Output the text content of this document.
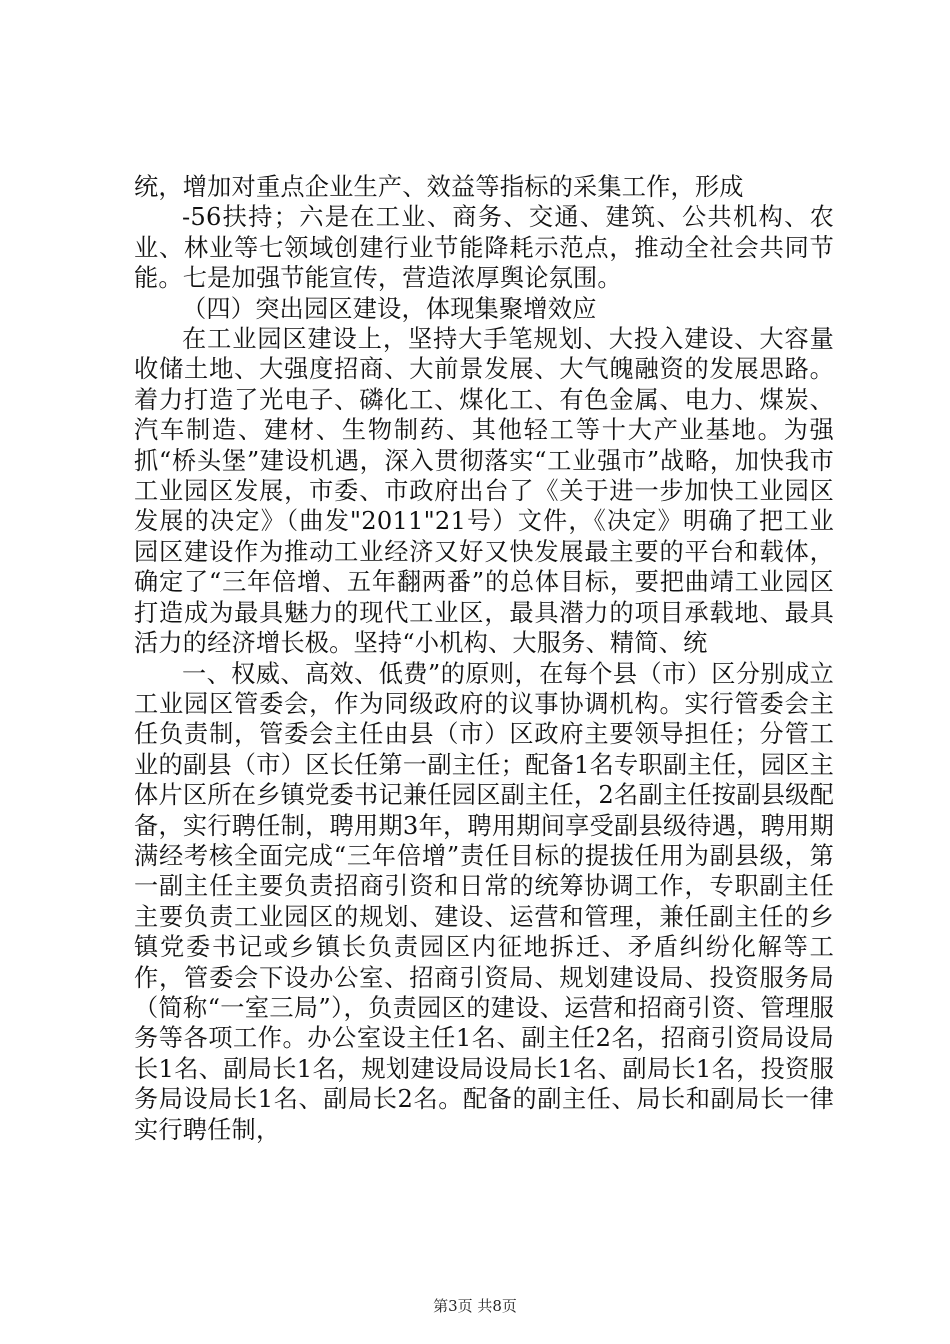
统，增加对重点企业生产、效益等指标的采集工作，形成

-56扶持；六是在工业、商务、交通、建筑、公共机构、农业、林业等七领域创建行业节能降耗示范点，推动全社会共同节能。七是加强节能宣传，营造浓厚舆论氛围。

（四）突出园区建设，体现集聚增效应

在工业园区建设上，坚持大手笔规划、大投入建设、大容量收储土地、大强度招商、大前景发展、大气魄融资的发展思路。着力打造了光电子、磷化工、煤化工、有色金属、电力、煤炭、汽车制造、建材、生物制药、其他轻工等十大产业基地。为强抓“桥头堡”建设机遇，深入贯彻落实“工业强市”战略，加快我市工业园区发展，市委、市政府出台了《关于进一步加快工业园区发展的决定》（曲发"2011"21号）文件，《决定》明确了把工业园区建设作为推动工业经济又好又快发展最主要的平台和载体，确定了“三年倍增、五年翻两番”的总体目标，要把曲靖工业园区打造成为最具魅力的现代工业区，最具潜力的项目承载地、最具活力的经济增长极。坚持“小机构、大服务、精简、统

一、权威、高效、低费”的原则，在每个县（市）区分别成立工业园区管委会，作为同级政府的议事协调机构。实行管委会主任负责制，管委会主任由县（市）区政府主要领导担任；分管工业的副县（市）区长任第一副主任；配备1名专职副主任，园区主体片区所在乡镇党委书记兼任园区副主任，2名副主任按副县级配备，实行聘任制，聘用期3年，聘用期间享受副县级待遇，聘用期满经考核全面完成“三年倍增”责任目标的提拔任用为副县级，第一副主任主要负责招商引资和日常的统筹协调工作，专职副主任主要负责工业园区的规划、建设、运营和管理，兼任副主任的乡镇党委书记或乡镇长负责园区内征地拆迁、矛盾纠纷化解等工作，管委会下设办公室、招商引资局、规划建设局、投资服务局（简称“一室三局”），负责园区的建设、运营和招商引资、管理服务等各项工作。办公室设主任1名、副主任2名，招商引资局设局长1名、副局长1名，规划建设局设局长1名、副局长1名，投资服务局设局长1名、副局长2名。配备的副主任、局长和副局长一律实行聘任制，

第3页 共8页
